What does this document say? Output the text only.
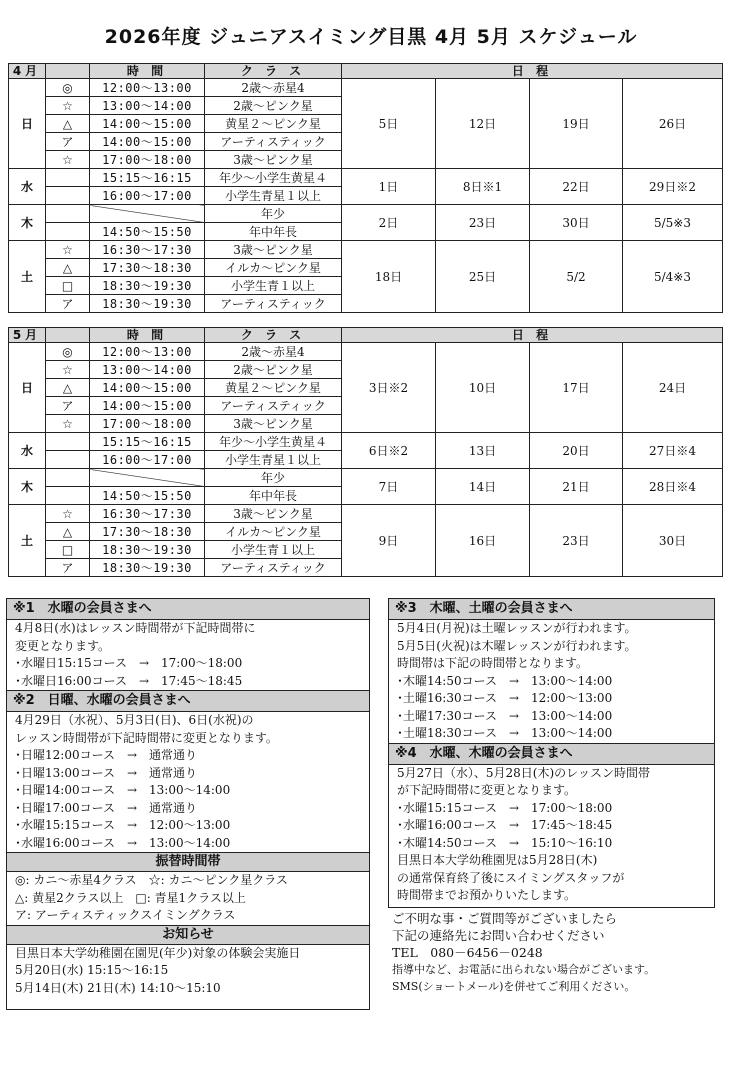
2026年度 ジュニアスイミング目黒 4月 5月 スケジュール
4月		時 間	ク ラ ス	日 程			
日	◎	12:00～13:00	2歳～赤星4	5日	12日	19日	26日
	☆	13:00～14:00	2歳～ピンク星				
	△	14:00～15:00	黄星２～ピンク星				
	ア	14:00～15:00	アーティスティック				
	☆	17:00～18:00	3歳～ピンク星				
水		15:15～16:15	年少～小学生黄星４	1日	8日※1	22日	29日※2
		16:00～17:00	小学生青星１以上				
木			年少	2日	23日	30日	5/5※3
		14:50～15:50	年中年長				
土	☆	16:30～17:30	3歳～ピンク星	18日	25日	5/2	5/4※3
	△	17:30～18:30	イルカ～ピンク星				
	□	18:30～19:30	小学生青１以上				
	ア	18:30～19:30	アーティスティック				
5月		時 間	ク ラ ス	日 程			
日	◎	12:00～13:00	2歳～赤星4	3日※2	10日	17日	24日
	☆	13:00～14:00	2歳～ピンク星				
	△	14:00～15:00	黄星２～ピンク星				
	ア	14:00～15:00	アーティスティック				
	☆	17:00～18:00	3歳～ピンク星				
水		15:15～16:15	年少～小学生黄星４	6日※2	13日	20日	27日※4
		16:00～17:00	小学生青星１以上				
木			年少	7日	14日	21日	28日※4
		14:50～15:50	年中年長				
土	☆	16:30～17:30	3歳～ピンク星	9日	16日	23日	30日
	△	17:30～18:30	イルカ～ピンク星				
	□	18:30～19:30	小学生青１以上				
	ア	18:30～19:30	アーティスティック				
※1　水曜の会員さまへ
4月8日(水)はレッスン時間帯が下記時間帯に
変更となります。
･水曜日15:15コース　→　17:00～18:00
･水曜日16:00コース　→　17:45～18:45
※2　日曜、水曜の会員さまへ
4月29日（水祝）、5月3日(日)、6日(水祝)の
レッスン時間帯が下記時間帯に変更となります。
･日曜12:00コース　→　通常通り
･日曜13:00コース　→　通常通り
･日曜14:00コース　→　13:00～14:00
･日曜17:00コース　→　通常通り
･水曜15:15コース　→　12:00～13:00
･水曜16:00コース　→　13:00～14:00
振替時間帯
◎: カニ～赤星4クラス　☆: カニ～ピンク星クラス
△: 黄星2クラス以上　□: 青星1クラス以上
ア: アーティスティックスイミングクラス
お知らせ
目黒日本大学幼稚園在園児(年少)対象の体験会実施日
5月20日(水) 15:15～16:15
5月14日(木) 21日(木) 14:10～15:10
※3　木曜、土曜の会員さまへ
5月4日(月祝)は土曜レッスンが行われます。
5月5日(火祝)は木曜レッスンが行われます。
時間帯は下記の時間帯となります。
･木曜14:50コース　→　13:00～14:00
･土曜16:30コース　→　12:00～13:00
･土曜17:30コース　→　13:00～14:00
･土曜18:30コース　→　13:00～14:00
※4　水曜、木曜の会員さまへ
5月27日（水）、5月28日(木)のレッスン時間帯
が下記時間帯に変更となります。
･水曜15:15コース　→　17:00～18:00
･水曜16:00コース　→　17:45～18:45
･木曜14:50コース　→　15:10～16:10
目黒日本大学幼稚園児は5月28日(木)
の通常保育終了後にスイミングスタッフが
時間帯までお預かりいたします。
ご不明な事・ご質問等がございましたら
下記の連絡先にお問い合わせください
TEL　080－6456－0248
指導中など、お電話に出られない場合がございます。
SMS(ショートメール)を併せてご利用ください。
